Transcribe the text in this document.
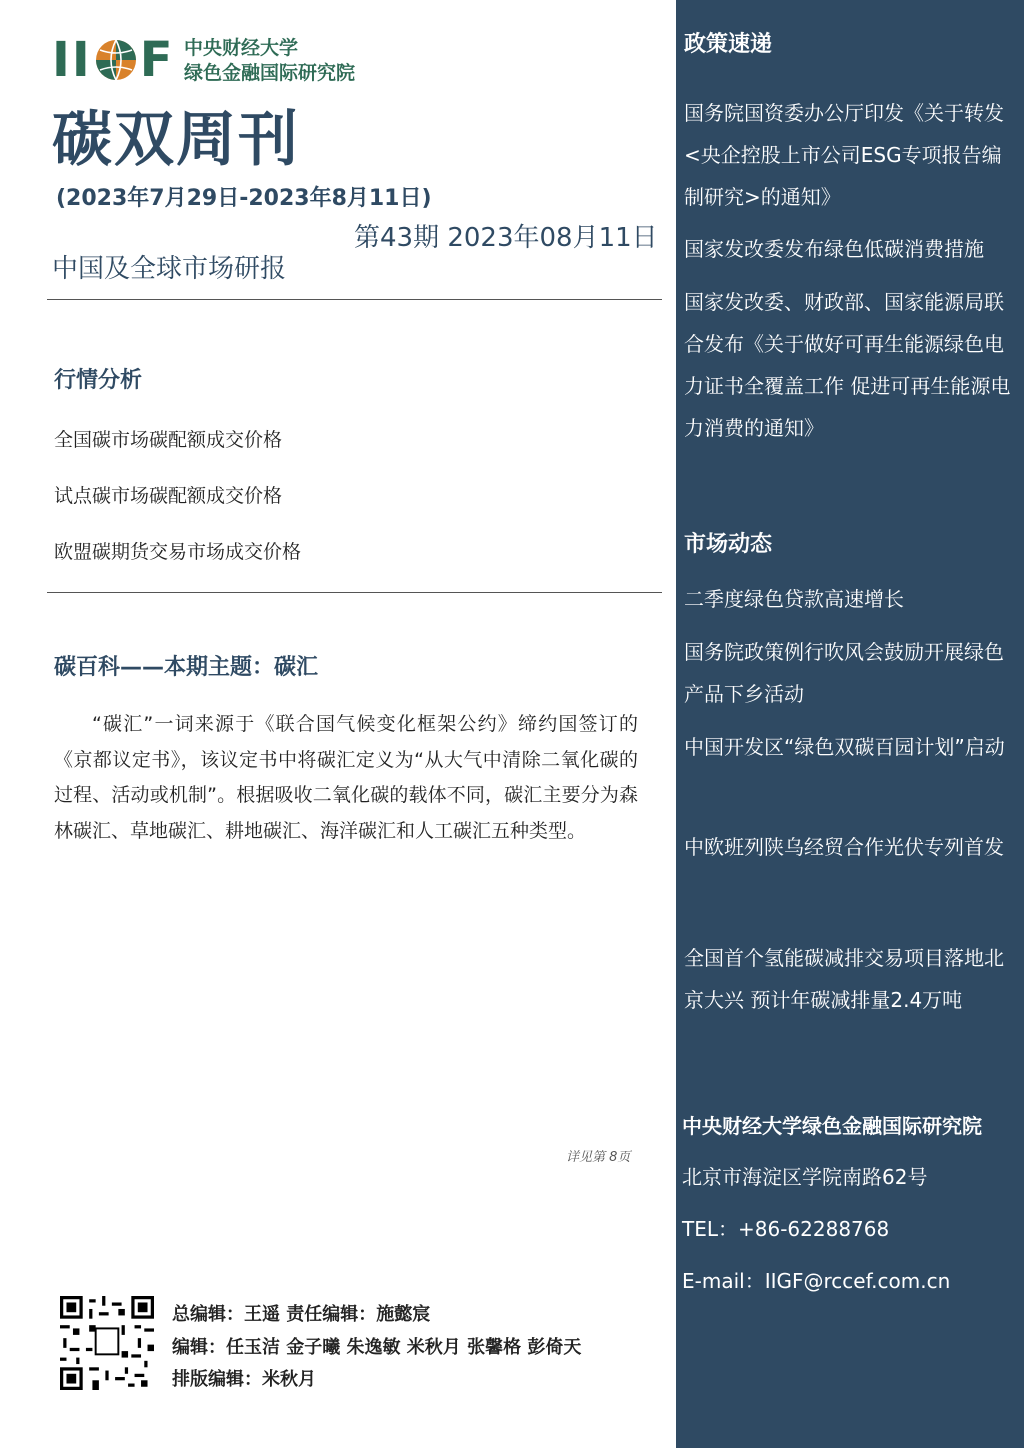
II F 中央财经大学
绿色金融国际研究院
碳双周刊
(2023年7月29日-2023年8月11日)
第43期 2023年08月11日
中国及全球市场研报
行情分析
全国碳市场碳配额成交价格
试点碳市场碳配额成交价格
欧盟碳期货交易市场成交价格
碳百科——本期主题：碳汇
“碳汇”一词来源于《联合国气候变化框架公约》缔约国签订的《京都议定书》，该议定书中将碳汇定义为“从大气中清除二氧化碳的过程、活动或机制”。根据吸收二氧化碳的载体不同，碳汇主要分为森林碳汇、草地碳汇、耕地碳汇、海洋碳汇和人工碳汇五种类型。
详见第 8页
总编辑：王遥 责任编辑：施懿宸
编辑：任玉洁 金子曦 朱逸敏 米秋月 张馨格 彭倚天
排版编辑：米秋月
政策速递
国务院国资委办公厅印发《关于转发<央企控股上市公司ESG专项报告编制研究>的通知》
国家发改委发布绿色低碳消费措施
国家发改委、财政部、国家能源局联合发布《关于做好可再生能源绿色电力证书全覆盖工作 促进可再生能源电力消费的通知》
市场动态
二季度绿色贷款高速增长
国务院政策例行吹风会鼓励开展绿色产品下乡活动
中国开发区“绿色双碳百园计划”启动
中欧班列陕乌经贸合作光伏专列首发
全国首个氢能碳减排交易项目落地北京大兴 预计年碳减排量2.4万吨
中央财经大学绿色金融国际研究院
北京市海淀区学院南路62号
TEL：+86-62288768
E-mail：IIGF@rccef.com.cn
